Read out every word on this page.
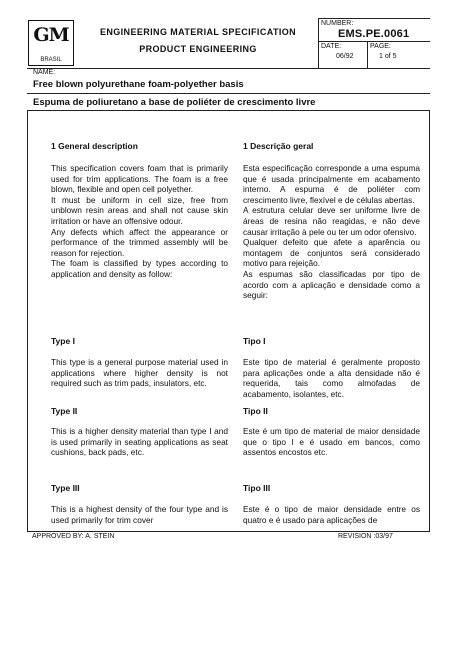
GM
BRASIL
ENGINEERING MATERIAL SPECIFICATION
PRODUCT ENGINEERING
NUMBER:
EMS.PE.0061
DATE:
06/92
PAGE:
1 of 5
NAME:
Free blown polyurethane foam-polyether basis
Espuma de poliuretano a base de poliéter de crescimento livre
1 General description

This specification covers foam that is primarily used for trim applications. The foam is a free blown, flexible and open cell polyether.

It must be uniform in cell size, free from unblown resin areas and shall not cause skin irritation or have an offensive odour.

Any defects which affect the appearance or performance of the trimmed assembly will be reason for rejection.

The foam is classified by types according to application and density as follow:

Type I
This type is a general purpose material used in applications where higher density is not required such as trim pads, insulators, etc.
Type II
This is a higher density material than type I and is used primarily in seating applications as seat cushions, back pads, etc.
Type III
This is a highest density of the four type and is used primarily for trim cover
1 Descrição geral

Esta especificação corresponde a uma espuma que é usada principalmente em acabamento interno. A espuma é de poliéter com crescimento livre, flexível e de células abertas.

A estrutura celular deve ser uniforme livre de áreas de resina não reagidas, e não deve causar irritação à pele ou ter um odor ofensivo.

Qualquer defeito que afete a aparência ou montagem de conjuntos será considerado motivo para rejeição.

As espumas são classificadas por tipo de acordo com a aplicação e densidade como a seguir:

Tipo I
Este tipo de material é geralmente proposto para aplicações onde a alta densidade não é requerida, tais como almofadas de acabamento, isolantes, etc.
Tipo II
Este é um tipo de material de maior densidade que o tipo I e é usado em bancos, como assentos encostos etc.
Tipo III
Este é o tipo de maior densidade entre os quatro e é usado para aplicações de
APPROVED BY: A. STEIN	REVISION :03/97
